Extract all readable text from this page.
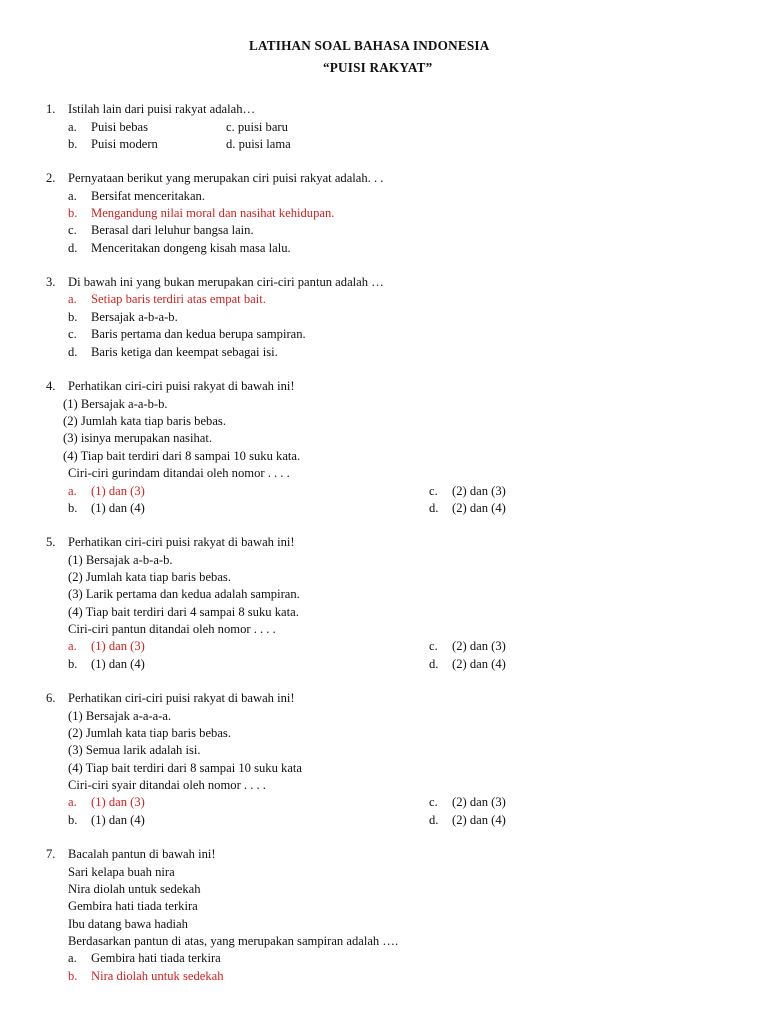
LATIHAN SOAL BAHASA INDONESIA
“PUISI RAKYAT”
1. Istilah lain dari puisi rakyat adalah…
a. Puisi bebas	c. puisi baru
b. Puisi modern	d. puisi lama
2. Pernyataan berikut yang merupakan ciri puisi rakyat adalah. . .
a. Bersifat menceritakan.
b. Mengandung nilai moral dan nasihat kehidupan.
c. Berasal dari leluhur bangsa lain.
d. Menceritakan dongeng kisah masa lalu.
3. Di bawah ini yang bukan merupakan ciri-ciri pantun adalah …
a. Setiap baris terdiri atas empat bait.
b. Bersajak a-b-a-b.
c. Baris pertama dan kedua berupa sampiran.
d. Baris ketiga dan keempat sebagai isi.
4. Perhatikan ciri-ciri puisi rakyat di bawah ini!
(1) Bersajak a-a-b-b.
(2) Jumlah kata tiap baris bebas.
(3) isinya merupakan nasihat.
(4) Tiap bait terdiri dari 8 sampai 10 suku kata.
Ciri-ciri gurindam ditandai oleh nomor . . . .
a. (1) dan (3)	c. (2) dan (3)
b. (1) dan (4)	d. (2) dan (4)
5. Perhatikan ciri-ciri puisi rakyat di bawah ini!
(1) Bersajak a-b-a-b.
(2) Jumlah kata tiap baris bebas.
(3) Larik pertama dan kedua adalah sampiran.
(4) Tiap bait terdiri dari 4 sampai 8 suku kata.
Ciri-ciri pantun ditandai oleh nomor . . . .
a. (1) dan (3)	c. (2) dan (3)
b. (1) dan (4)	d. (2) dan (4)
6. Perhatikan ciri-ciri puisi rakyat di bawah ini!
(1) Bersajak a-a-a-a.
(2) Jumlah kata tiap baris bebas.
(3) Semua larik adalah isi.
(4) Tiap bait terdiri dari 8 sampai 10 suku kata
Ciri-ciri syair ditandai oleh nomor . . . .
a. (1) dan (3)	c. (2) dan (3)
b. (1) dan (4)	d. (2) dan (4)
7. Bacalah pantun di bawah ini!
Sari kelapa buah nira
Nira diolah untuk sedekah
Gembira hati tiada terkira
Ibu datang bawa hadiah
Berdasarkan pantun di atas, yang merupakan sampiran adalah ….
a. Gembira hati tiada terkira
b. Nira diolah untuk sedekah
